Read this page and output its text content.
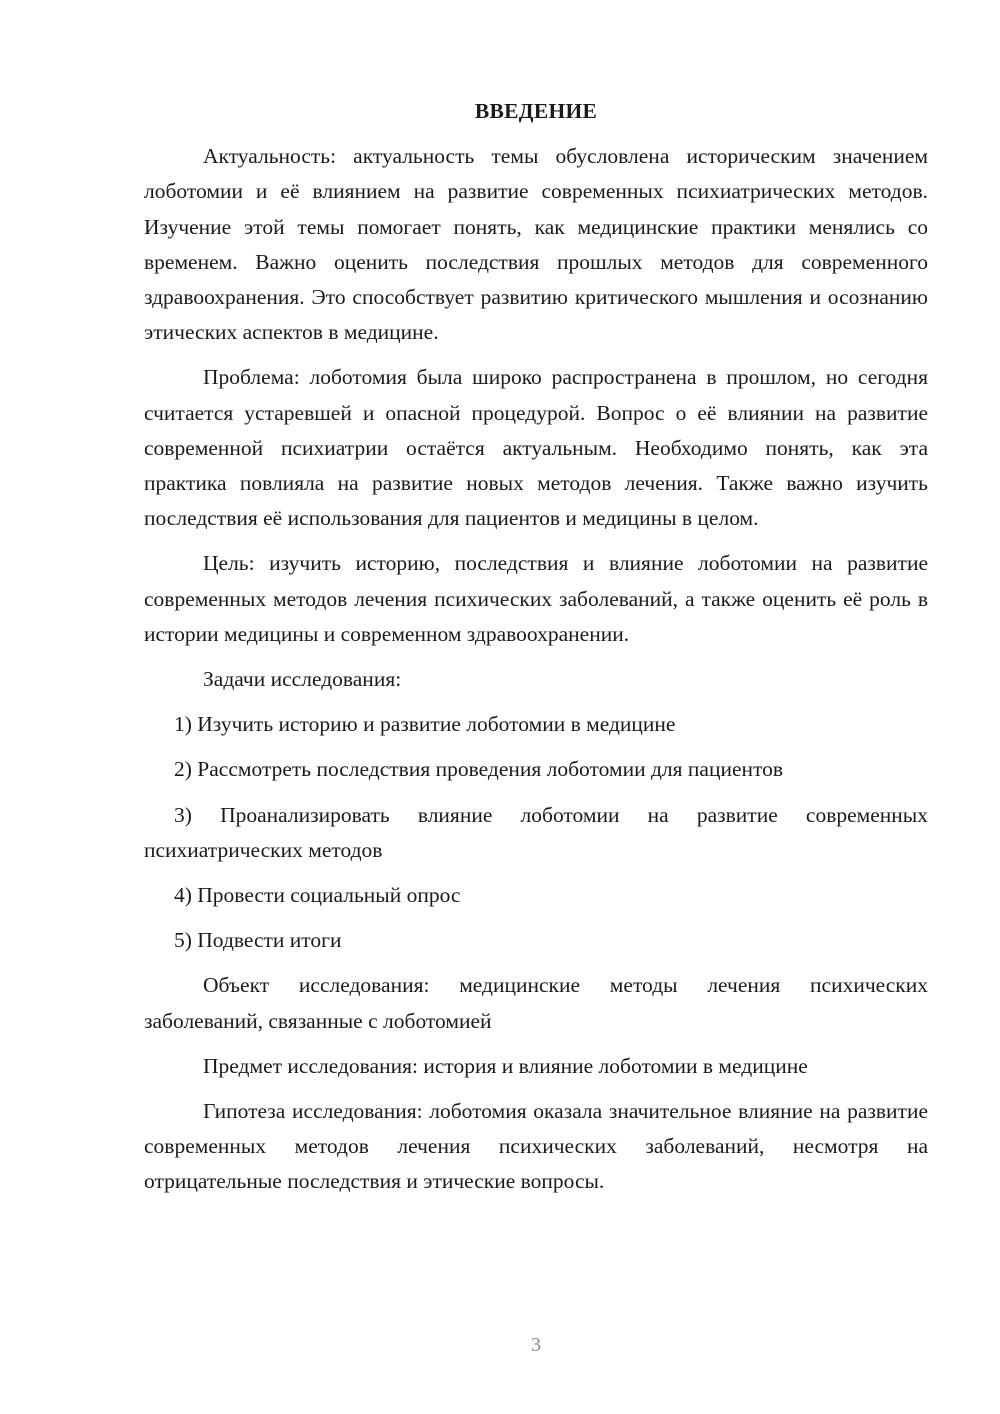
ВВЕДЕНИЕ

Актуальность: актуальность темы обусловлена историческим значением лоботомии и её влиянием на развитие современных психиатрических методов. Изучение этой темы помогает понять, как медицинские практики менялись со временем. Важно оценить последствия прошлых методов для современного здравоохранения. Это способствует развитию критического мышления и осознанию этических аспектов в медицине.

Проблема: лоботомия была широко распространена в прошлом, но сегодня считается устаревшей и опасной процедурой. Вопрос о её влиянии на развитие современной психиатрии остаётся актуальным. Необходимо понять, как эта практика повлияла на развитие новых методов лечения. Также важно изучить последствия её использования для пациентов и медицины в целом.

Цель: изучить историю, последствия и влияние лоботомии на развитие современных методов лечения психических заболеваний, а также оценить её роль в истории медицины и современном здравоохранении.

Задачи исследования:

1) Изучить историю и развитие лоботомии в медицине

2) Рассмотреть последствия проведения лоботомии для пациентов

3) Проанализировать влияние лоботомии на развитие современных психиатрических методов

4) Провести социальный опрос

5) Подвести итоги

Объект исследования: медицинские методы лечения психических заболеваний, связанные с лоботомией

Предмет исследования: история и влияние лоботомии в медицине

Гипотеза исследования: лоботомия оказала значительное влияние на развитие современных методов лечения психических заболеваний, несмотря на отрицательные последствия и этические вопросы.

3
